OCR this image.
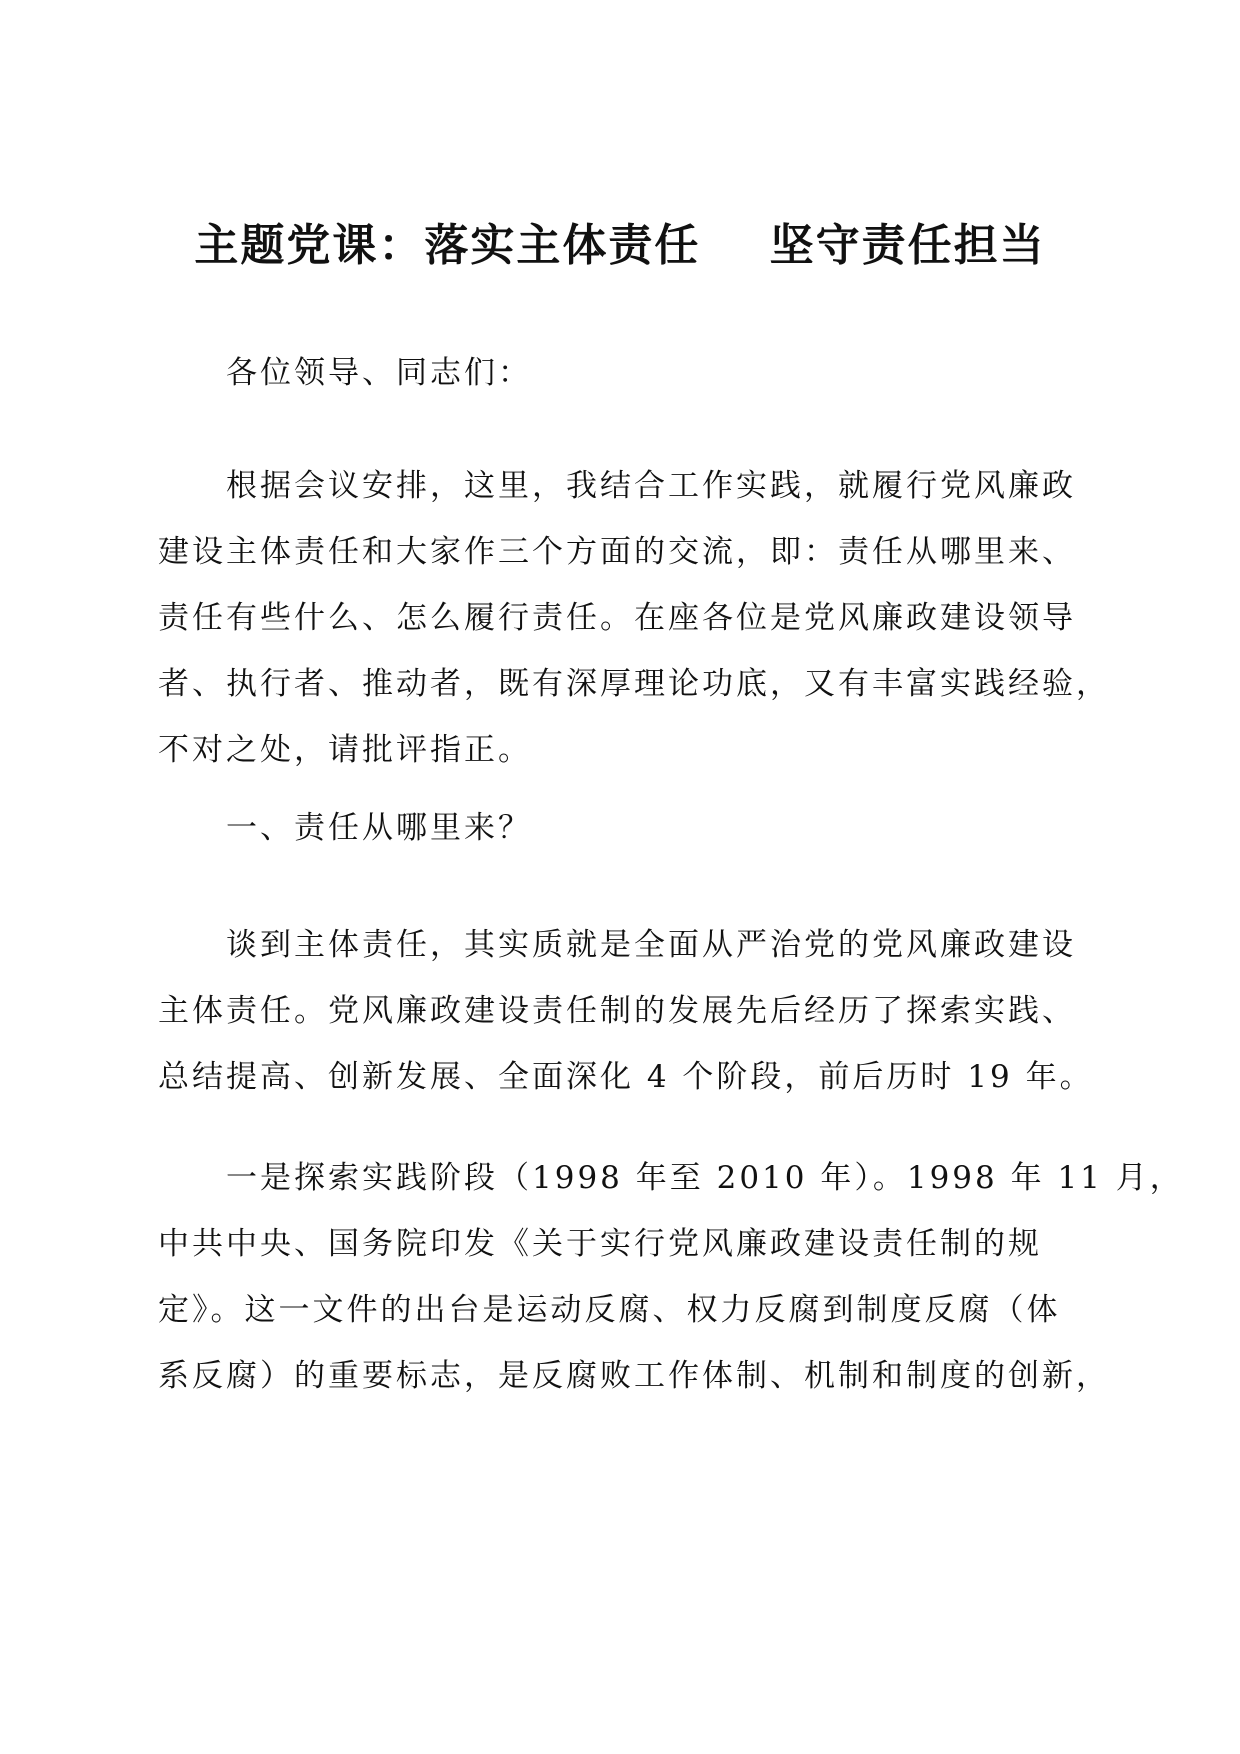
主题党课：落实主体责任    坚守责任担当

各位领导、同志们：

根据会议安排，这里，我结合工作实践，就履行党风廉政
建设主体责任和大家作三个方面的交流，即：责任从哪里来、
责任有些什么、怎么履行责任。在座各位是党风廉政建设领导
者、执行者、推动者，既有深厚理论功底，又有丰富实践经验，
不对之处，请批评指正。

一、责任从哪里来？

谈到主体责任，其实质就是全面从严治党的党风廉政建设
主体责任。党风廉政建设责任制的发展先后经历了探索实践、
总结提高、创新发展、全面深化 4 个阶段，前后历时 19 年。

一是探索实践阶段（1998 年至 2010 年）。1998 年 11 月，
中共中央、国务院印发《关于实行党风廉政建设责任制的规
定》。这一文件的出台是运动反腐、权力反腐到制度反腐（体
系反腐）的重要标志，是反腐败工作体制、机制和制度的创新，
